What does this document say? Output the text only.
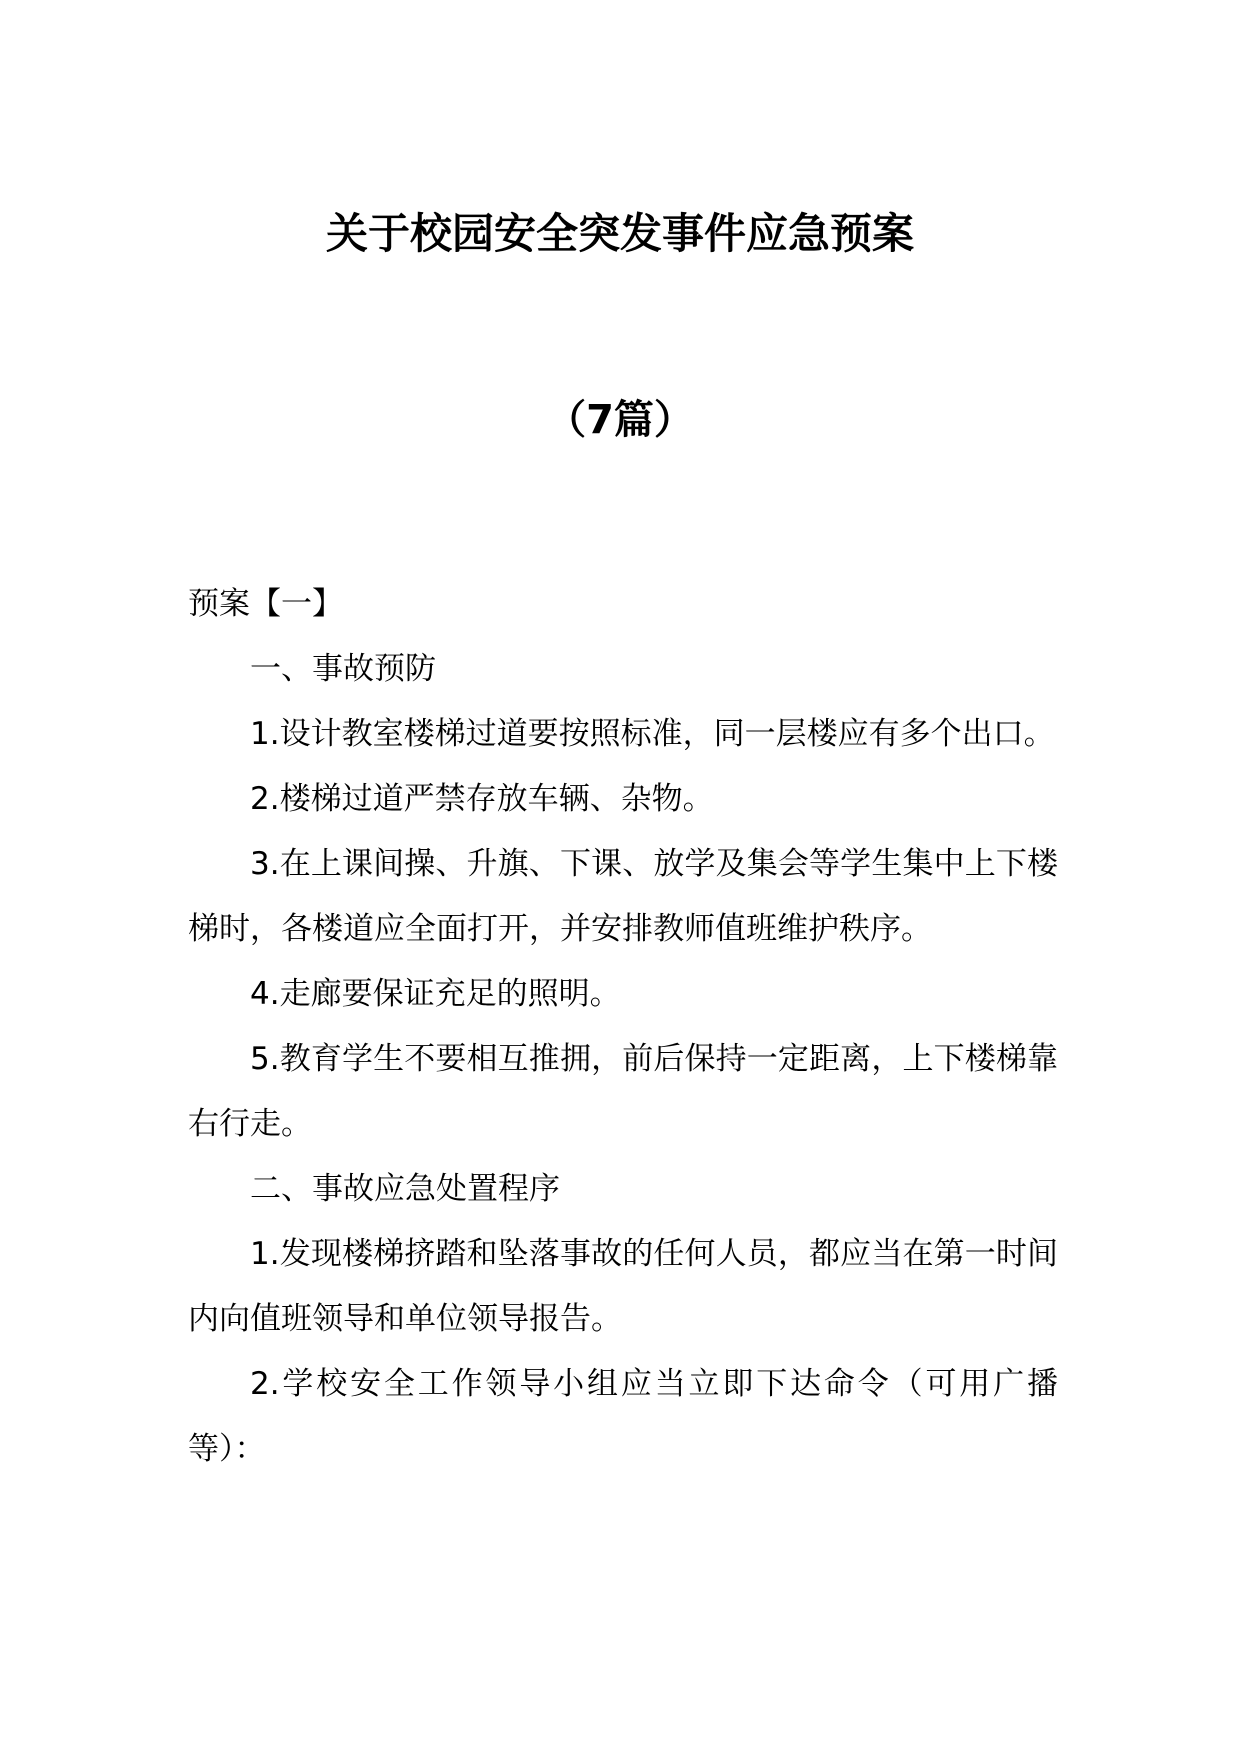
关于校园安全突发事件应急预案
（7篇）

预案【一】

一、事故预防

1.设计教室楼梯过道要按照标准，同一层楼应有多个出口。

2.楼梯过道严禁存放车辆、杂物。

3.在上课间操、升旗、下课、放学及集会等学生集中上下楼梯时，各楼道应全面打开，并安排教师值班维护秩序。

4.走廊要保证充足的照明。

5.教育学生不要相互推拥，前后保持一定距离，上下楼梯靠右行走。

二、事故应急处置程序

1.发现楼梯挤踏和坠落事故的任何人员，都应当在第一时间内向值班领导和单位领导报告。

2.学校安全工作领导小组应当立即下达命令（可用广播等）：
